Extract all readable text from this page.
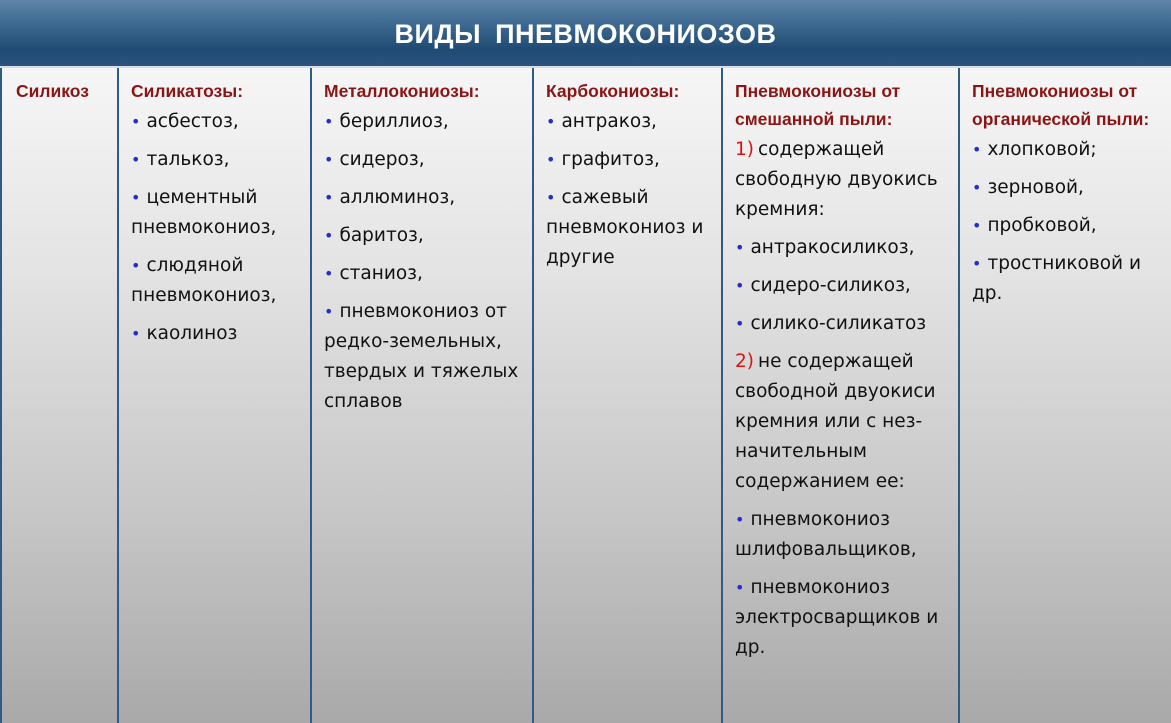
ВИДЫ ПНЕВМОКОНИОЗОВ
Силикоз	Силикатозы:
• асбестоз,
• талькоз,
• цементный пневмокониоз,
• слюдяной пневмокониоз,
• каолиноз
Металлокониозы:
• бериллиоз,
• сидероз,
• аллюминоз,
• баритоз,
• станиоз,
• пневмокониоз от редко-земельных, твердых и тяжелых сплавов
Карбокониозы:
• антракоз,
• графитоз,
• сажевый пневмокониоз и другие
Пневмокониозы от смешанной пыли:
1) содержащей свободную двуокись кремния:
• антракосиликоз,
• сидеро-силикоз,
• силико-силикатоз
2) не содержащей свободной двуокиси кремния или с нез-начительным содержанием ее:
• пневмокониоз шлифовальщиков,
• пневмокониоз электросварщиков и др.
Пневмокониозы от органической пыли:
• хлопковой;
• зерновой,
• пробковой,
• тростниковой и др.
